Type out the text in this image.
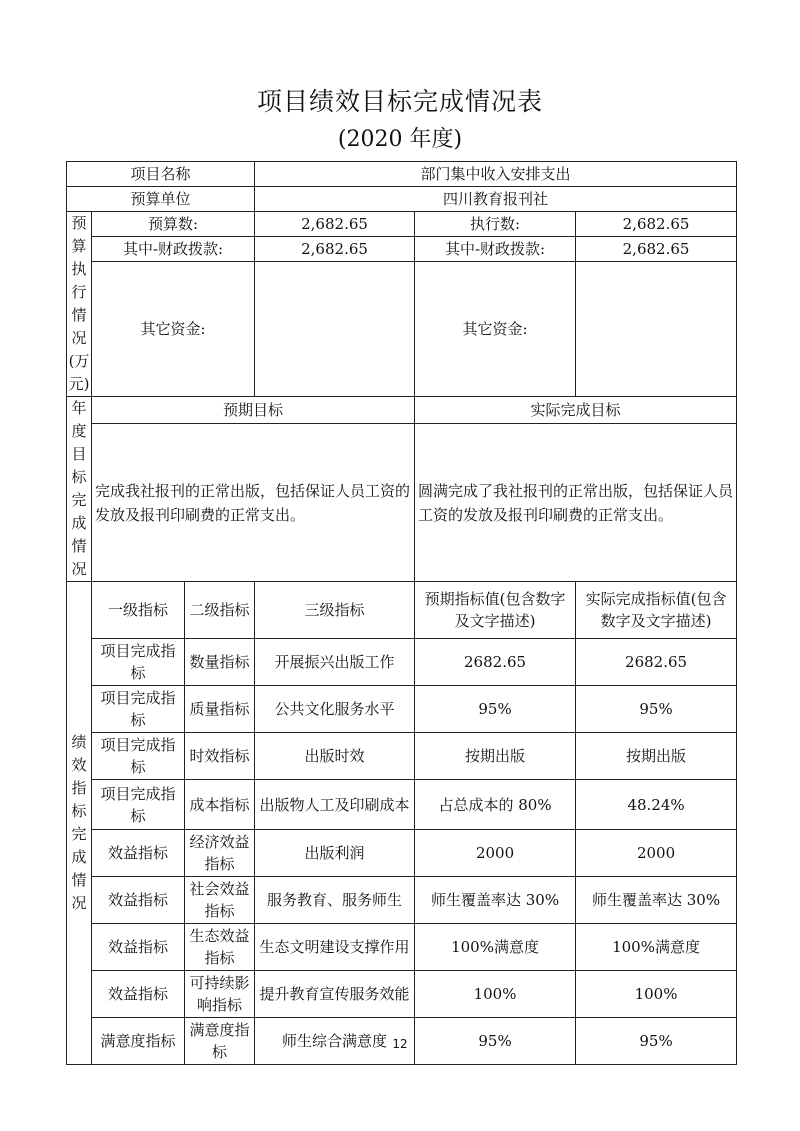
项目绩效目标完成情况表
(2020 年度)
项目名称			部门集中收入安排支出		
预算单位			四川教育报刊社		
预算执行情况(万元)	预算数:		2,682.65	执行数:	2,682.65
	其中-财政拨款:		2,682.65	其中-财政拨款:	2,682.65
	其它资金:			其它资金:	

年度目标完成情况	预期目标			实际完成目标	
	完成我社报刊的正常出版，包括保证人员工资的发放及报刊印刷费的正常支出。			圆满完成了我社报刊的正常出版，包括保证人员工资的发放及报刊印刷费的正常支出。	
绩效指标完成情况	一级指标	二级指标	三级指标	预期指标值(包含数字及文字描述)	实际完成指标值(包含数字及文字描述)
	项目完成指标	数量指标	开展振兴出版工作	2682.65	2682.65
	项目完成指标	质量指标	公共文化服务水平	95%	95%
	项目完成指标	时效指标	出版时效	按期出版	按期出版
	项目完成指标	成本指标	出版物人工及印刷成本	占总成本的 80%	48.24%
	效益指标	经济效益指标	出版利润	2000	2000
	效益指标	社会效益指标	服务教育、服务师生	师生覆盖率达 30%	师生覆盖率达 30%
	效益指标	生态效益指标	生态文明建设支撑作用	100%满意度	100%满意度
	效益指标	可持续影响指标	提升教育宣传服务效能	100%	100%
	满意度指标	满意度指标	师生综合满意度	95%	95%
12
